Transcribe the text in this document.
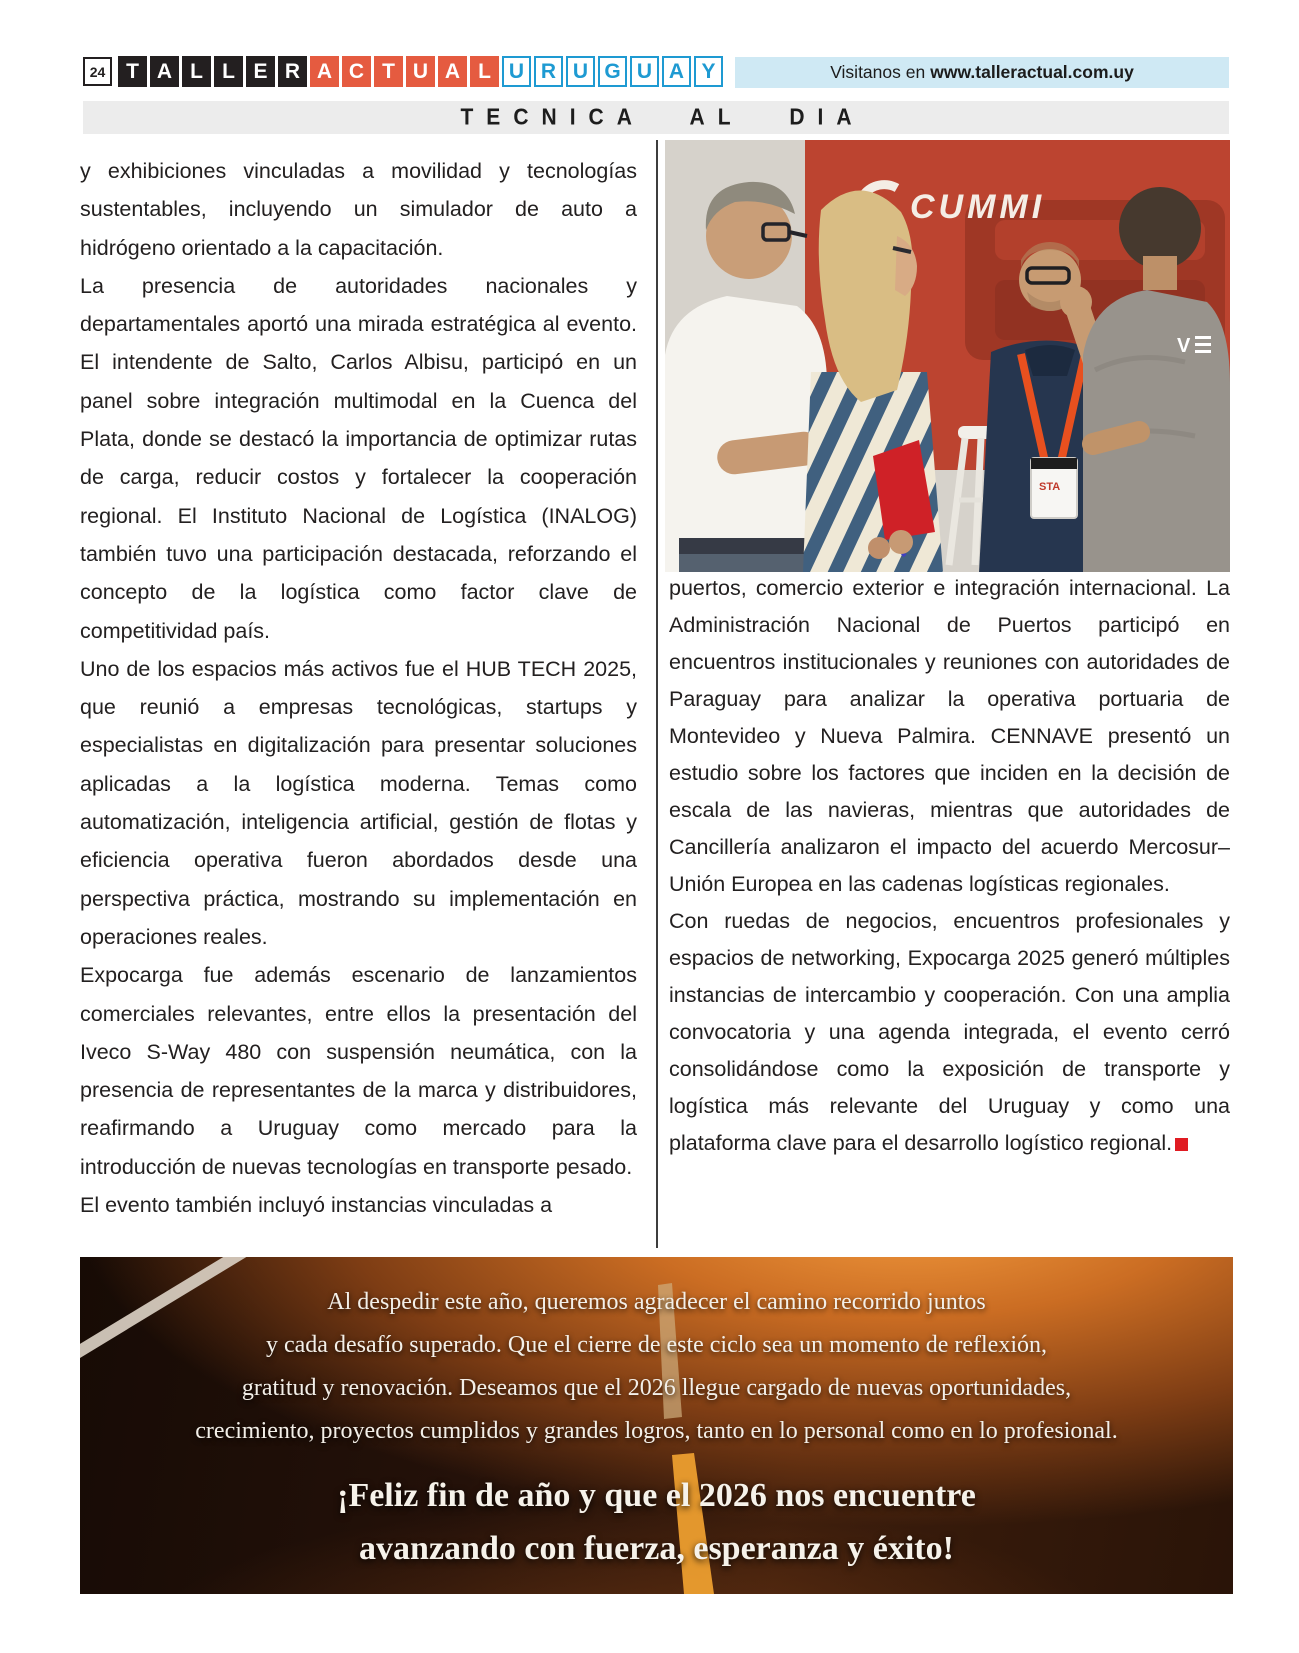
24 T A L L E R A C T U A L U R U G U A Y	Visitanos en www.talleractual.com.uy
TECNICA AL DIA
CUMMI
STA
V

y exhibiciones vinculadas a movilidad y tecnologías sustentables, incluyendo un simulador de auto a hidrógeno orientado a la capacitación.

La presencia de autoridades nacionales y departamentales aportó una mirada estratégica al evento. El intendente de Salto, Carlos Albisu, participó en un panel sobre integración multimodal en la Cuenca del Plata, donde se destacó la importancia de optimizar rutas de carga, reducir costos y fortalecer la cooperación regional. El Instituto Nacional de Logística (INALOG) también tuvo una participación destacada, reforzando el concepto de la logística como factor clave de competitividad país.

Uno de los espacios más activos fue el HUB TECH 2025, que reunió a empresas tecnológicas, startups y especialistas en digitalización para presentar soluciones aplicadas a la logística moderna. Temas como automatización, inteligencia artificial, gestión de flotas y eficiencia operativa fueron abordados desde una perspectiva práctica, mostrando su implementación en operaciones reales.

Expocarga fue además escenario de lanzamientos comerciales relevantes, entre ellos la presentación del Iveco S-Way 480 con suspensión neumática, con la presencia de representantes de la marca y distribuidores, reafirmando a Uruguay como mercado para la introducción de nuevas tecnologías en transporte pesado.

El evento también incluyó instancias vinculadas a

puertos, comercio exterior e integración internacional. La Administración Nacional de Puertos participó en encuentros institucionales y reuniones con autoridades de Paraguay para analizar la operativa portuaria de Montevideo y Nueva Palmira. CENNAVE presentó un estudio sobre los factores que inciden en la decisión de escala de las navieras, mientras que autoridades de Cancillería analizaron el impacto del acuerdo Mercosur–Unión Europea en las cadenas logísticas regionales.

Con ruedas de negocios, encuentros profesionales y espacios de networking, Expocarga 2025 generó múltiples instancias de intercambio y cooperación. Con una amplia convocatoria y una agenda integrada, el evento cerró consolidándose como la exposición de transporte y logística más relevante del Uruguay y como una plataforma clave para el desarrollo logístico regional.

Al despedir este año, queremos agradecer el camino recorrido juntos
y cada desafío superado. Que el cierre de este ciclo sea un momento de reflexión,
gratitud y renovación. Deseamos que el 2026 llegue cargado de nuevas oportunidades,
crecimiento, proyectos cumplidos y grandes logros, tanto en lo personal como en lo profesional.
¡Feliz fin de año y que el 2026 nos encuentre
avanzando con fuerza, esperanza y éxito!
